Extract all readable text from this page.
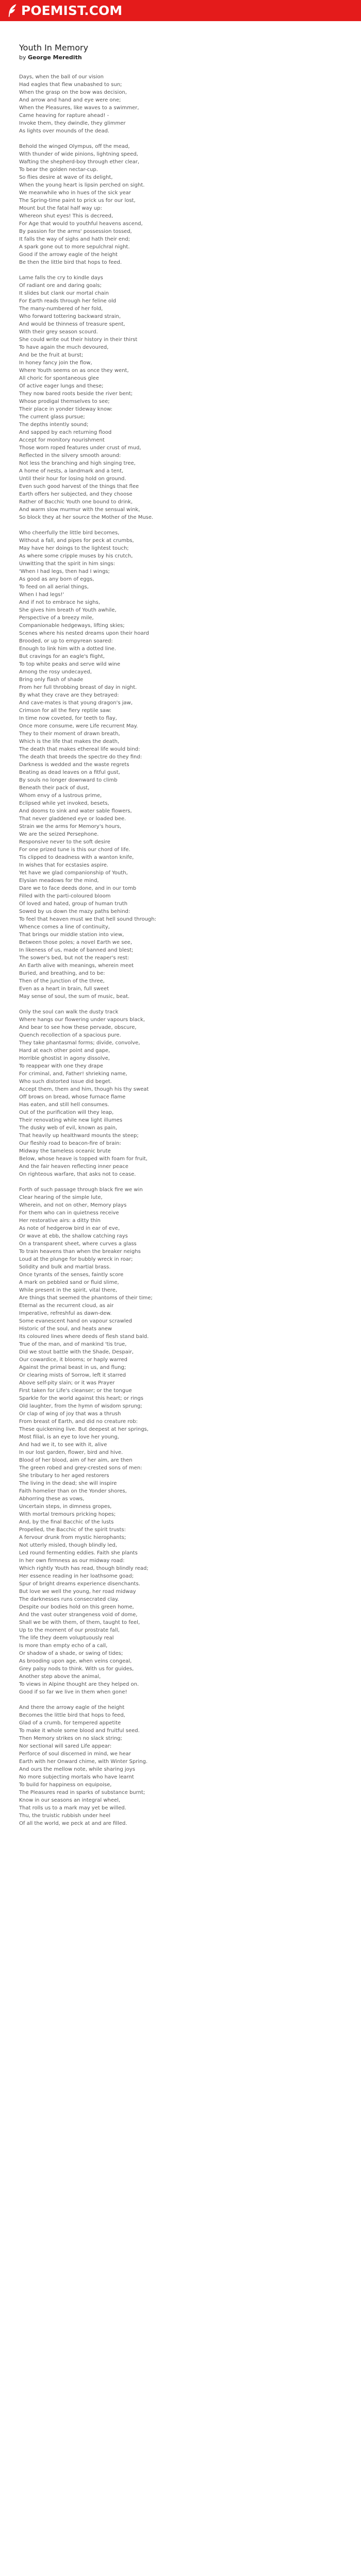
POEMIST.COM
Youth In Memory
by George Meredith
Days, when the ball of our vision
Had eagles that flew unabashed to sun;
When the grasp on the bow was decision,
And arrow and hand and eye were one;
When the Pleasures, like waves to a swimmer,
Came heaving for rapture ahead! -
Invoke them, they dwindle, they glimmer
As lights over mounds of the dead.
Behold the winged Olympus, off the mead,
With thunder of wide pinions, lightning speed,
Wafting the shepherd-boy through ether clear,
To bear the golden nectar-cup.
So flies desire at wave of its delight,
When the young heart is lipsin perched on sight.
We meanwhile who in hues of the sick year
The Spring-time paint to prick us for our lost,
Mount but the fatal half way up:
Whereon shut eyes! This is decreed,
For Age that would to youthful heavens ascend,
By passion for the arms' possession tossed,
It falls the way of sighs and hath their end;
A spark gone out to more sepulchral night.
Good if the arrowy eagle of the height
Be then the little bird that hops to feed.
Lame falls the cry to kindle days
Of radiant ore and daring goals;
It slides but clank our mortal chain
For Earth reads through her feline old
The many-numbered of her fold,
Who forward tottering backward strain,
And would be thinness of treasure spent,
With their grey season scourd.
She could write out their history in their thirst
To have again the much devoured,
And be the fruit at burst;
In honey fancy join the flow,
Where Youth seems on as once they went,
All choric for spontaneous glee
Of active eager lungs and these;
They now bared roots beside the river bent;
Whose prodigal themselves to see;
Their place in yonder tideway know:
The current glass pursue;
The depths intently sound;
And sapped by each returning flood
Accept for monitory nourishment
Those worn roped features under crust of mud,
Reflected in the silvery smooth around:
Not less the branching and high singing tree,
A home of nests, a landmark and a tent,
Until their hour for losing hold on ground.
Even such good harvest of the things that flee
Earth offers her subjected, and they choose
Rather of Bacchic Youth one bound to drink,
And warm slow murmur with the sensual wink,
So block they at her source the Mother of the Muse.
Who cheerfully the little bird becomes,
Without a fall, and pipes for peck at crumbs,
May have her doings to the lightest touch;
As where some cripple muses by his crutch,
Unwitting that the spirit in him sings:
'When I had legs, then had I wings;
As good as any born of eggs,
To feed on all aerial things,
When I had legs!'
And if not to embrace he sighs,
She gives him breath of Youth awhile,
Perspective of a breezy mile,
Companionable hedgeways, lifting skies;
Scenes where his nested dreams upon their hoard
Brooded, or up to empyrean soared:
Enough to link him with a dotted line.
But cravings for an eagle's flight,
To top white peaks and serve wild wine
Among the rosy undecayed,
Bring only flash of shade
From her full throbbing breast of day in night.
By what they crave are they betrayed:
And cave-mates is that young dragon's jaw,
Crimson for all the fiery reptile saw:
In time now coveted, for teeth to flay,
Once more consume, were Life recurrent May.
They to their moment of drawn breath,
Which is the life that makes the death,
The death that makes ethereal life would bind:
The death that breeds the spectre do they find:
Darkness is wedded and the waste regrets
Beating as dead leaves on a fitful gust,
By souls no longer downward to climb
Beneath their pack of dust,
Whom envy of a lustrous prime,
Eclipsed while yet invoked, besets,
And dooms to sink and water sable flowers,
That never gladdened eye or loaded bee.
Strain we the arms for Memory's hours,
We are the seized Persephone.
Responsive never to the soft desire
For one prized tune is this our chord of life.
Tis clipped to deadness with a wanton knife,
In wishes that for ecstasies aspire.
Yet have we glad companionship of Youth,
Elysian meadows for the mind,
Dare we to face deeds done, and in our tomb
Filled with the parti-coloured bloom
Of loved and hated, group of human truth
Sowed by us down the mazy paths behind:
To feel that heaven must we that hell sound through:
Whence comes a line of continuity,
That brings our middle station into view,
Between those poles; a novel Earth we see,
In likeness of us, made of banned and blest;
The sower's bed, but not the reaper's rest:
An Earth alive with meanings, wherein meet
Buried, and breathing, and to be:
Then of the junction of the three,
Even as a heart in brain, full sweet
May sense of soul, the sum of music, beat.
Only the soul can walk the dusty track
Where hangs our flowering under vapours black,
And bear to see how these pervade, obscure,
Quench recollection of a spacious pure.
They take phantasmal forms; divide, convolve,
Hard at each other point and gape,
Horrible ghostist in agony dissolve,
To reappear with one they drape
For criminal, and, Father! shrieking name,
Who such distorted issue did beget.
Accept them, them and him, though his thy sweat
Off brows on bread, whose furnace flame
Has eaten, and still hell consumes.
Out of the purification will they leap,
Their renovating while new light illumes
The dusky web of evil, known as pain,
That heavily up healthward mounts the steep;
Our fleshly road to beacon-fire of brain:
Midway the tameless oceanic brute
Below, whose heave is topped with foam for fruit,
And the fair heaven reflecting inner peace
On righteous warfare, that asks not to cease.
Forth of such passage through black fire we win
Clear hearing of the simple lute,
Wherein, and not on other, Memory plays
For them who can in quietness receive
Her restorative airs: a ditty thin
As note of hedgerow bird in ear of eve,
Or wave at ebb, the shallow catching rays
On a transparent sheet, where curves a glass
To train heavens than when the breaker neighs
Loud at the plunge for bubbly wreck in roar;
Solidity and bulk and martial brass.
Once tyrants of the senses, faintly score
A mark on pebbled sand or fluid slime,
While present in the spirit, vital there,
Are things that seemed the phantoms of their time;
Eternal as the recurrent cloud, as air
Imperative, refreshful as dawn-dew.
Some evanescent hand on vapour scrawled
Historic of the soul, and heats anew
Its coloured lines where deeds of flesh stand bald.
True of the man, and of mankind 'tis true,
Did we stout battle with the Shade, Despair,
Our cowardice, it blooms; or haply warred
Against the primal beast in us, and flung;
Or clearing mists of Sorrow, left it starred
Above self-pity slain; or it was Prayer
First taken for Life's cleanser; or the tongue
Sparkle for the world against this heart; or rings
Old laughter, from the hymn of wisdom sprung;
Or clap of wing of joy that was a thrush
From breast of Earth, and did no creature rob:
These quickening live. But deepest at her springs,
Most filial, is an eye to love her young,
And had we it, to see with it, alive
In our lost garden, flower, bird and hive.
Blood of her blood, aim of her aim, are then
The green robed and grey-crested sons of men:
She tributary to her aged restorers
The living in the dead; she will inspire
Faith homelier than on the Yonder shores,
Abhorring these as vows,
Uncertain steps, in dimness gropes,
With mortal tremours pricking hopes;
And, by the final Bacchic of the lusts
Propelled, the Bacchic of the spirit trusts:
A fervour drunk from mystic hierophants;
Not utterly misled, though blindly led,
Led round fermenting eddies. Faith she plants
In her own firmness as our midway road:
Which rightly Youth has read, though blindly read;
Her essence reading in her loathsome goad;
Spur of bright dreams experience disenchants.
But love we well the young, her road midway
The darknesses runs consecrated clay.
Despite our bodies hold on this green home,
And the vast outer strangeness void of dome,
Shall we be with them, of them, taught to feel,
Up to the moment of our prostrate fall,
The life they deem voluptuously real
Is more than empty echo of a call,
Or shadow of a shade, or swing of tides;
As brooding upon age, when veins congeal,
Grey palsy nods to think. With us for guides,
Another step above the animal,
To views in Alpine thought are they helped on.
Good if so far we live in them when gone!
And there the arrowy eagle of the height
Becomes the little bird that hops to feed,
Glad of a crumb, for tempered appetite
To make it whole some blood and fruitful seed.
Then Memory strikes on no slack string;
Nor sectional will sared Life appear:
Perforce of soul discerned in mind, we hear
Earth with her Onward chime, with Winter Spring.
And ours the mellow note, while sharing joys
No more subjecting mortals who have learnt
To build for happiness on equipoise,
The Pleasures read in sparks of substance burnt;
Know in our seasons an integral wheel,
That rolls us to a mark may yet be willed.
Thu, the truistic rubbish under heel
Of all the world, we peck at and are filled.
